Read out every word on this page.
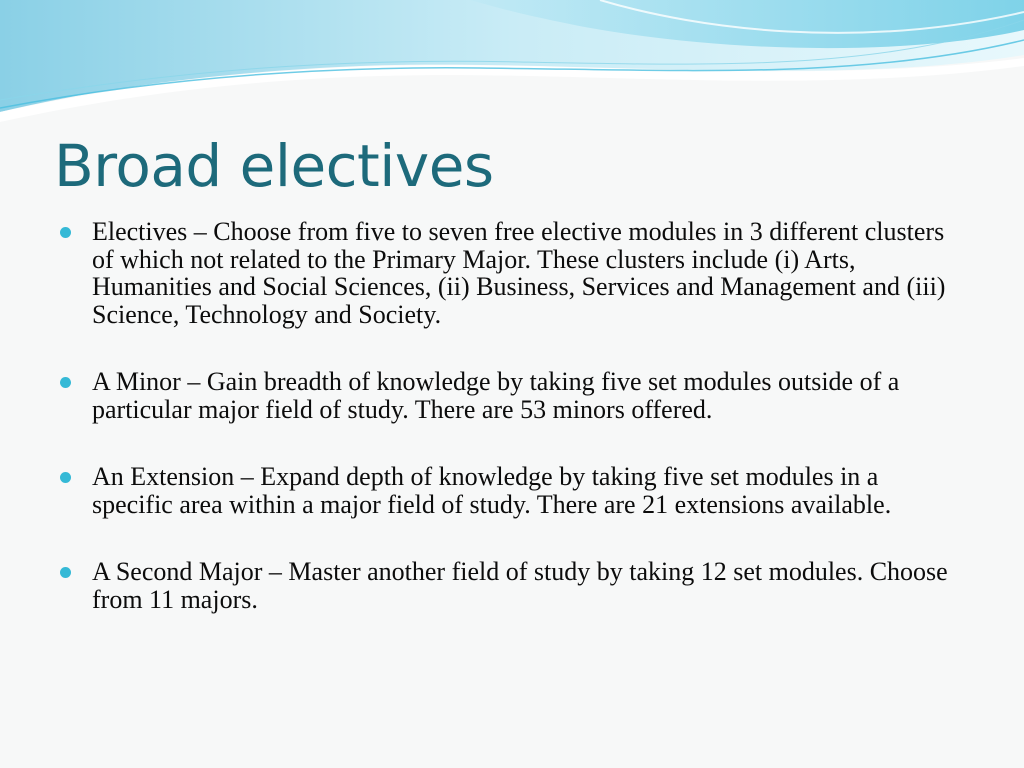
Broad electives
Electives – Choose from five to seven free elective modules in 3 different clusters of which not related to the Primary Major. These clusters include (i) Arts, Humanities and Social Sciences, (ii) Business, Services and Management and (iii) Science, Technology and Society.
A Minor – Gain breadth of knowledge by taking five set modules outside of a particular major field of study. There are 53 minors offered.
An Extension – Expand depth of knowledge by taking five set modules in a specific area within a major field of study. There are 21 extensions available.
A Second Major – Master another field of study by taking 12 set modules. Choose from 11 majors.
